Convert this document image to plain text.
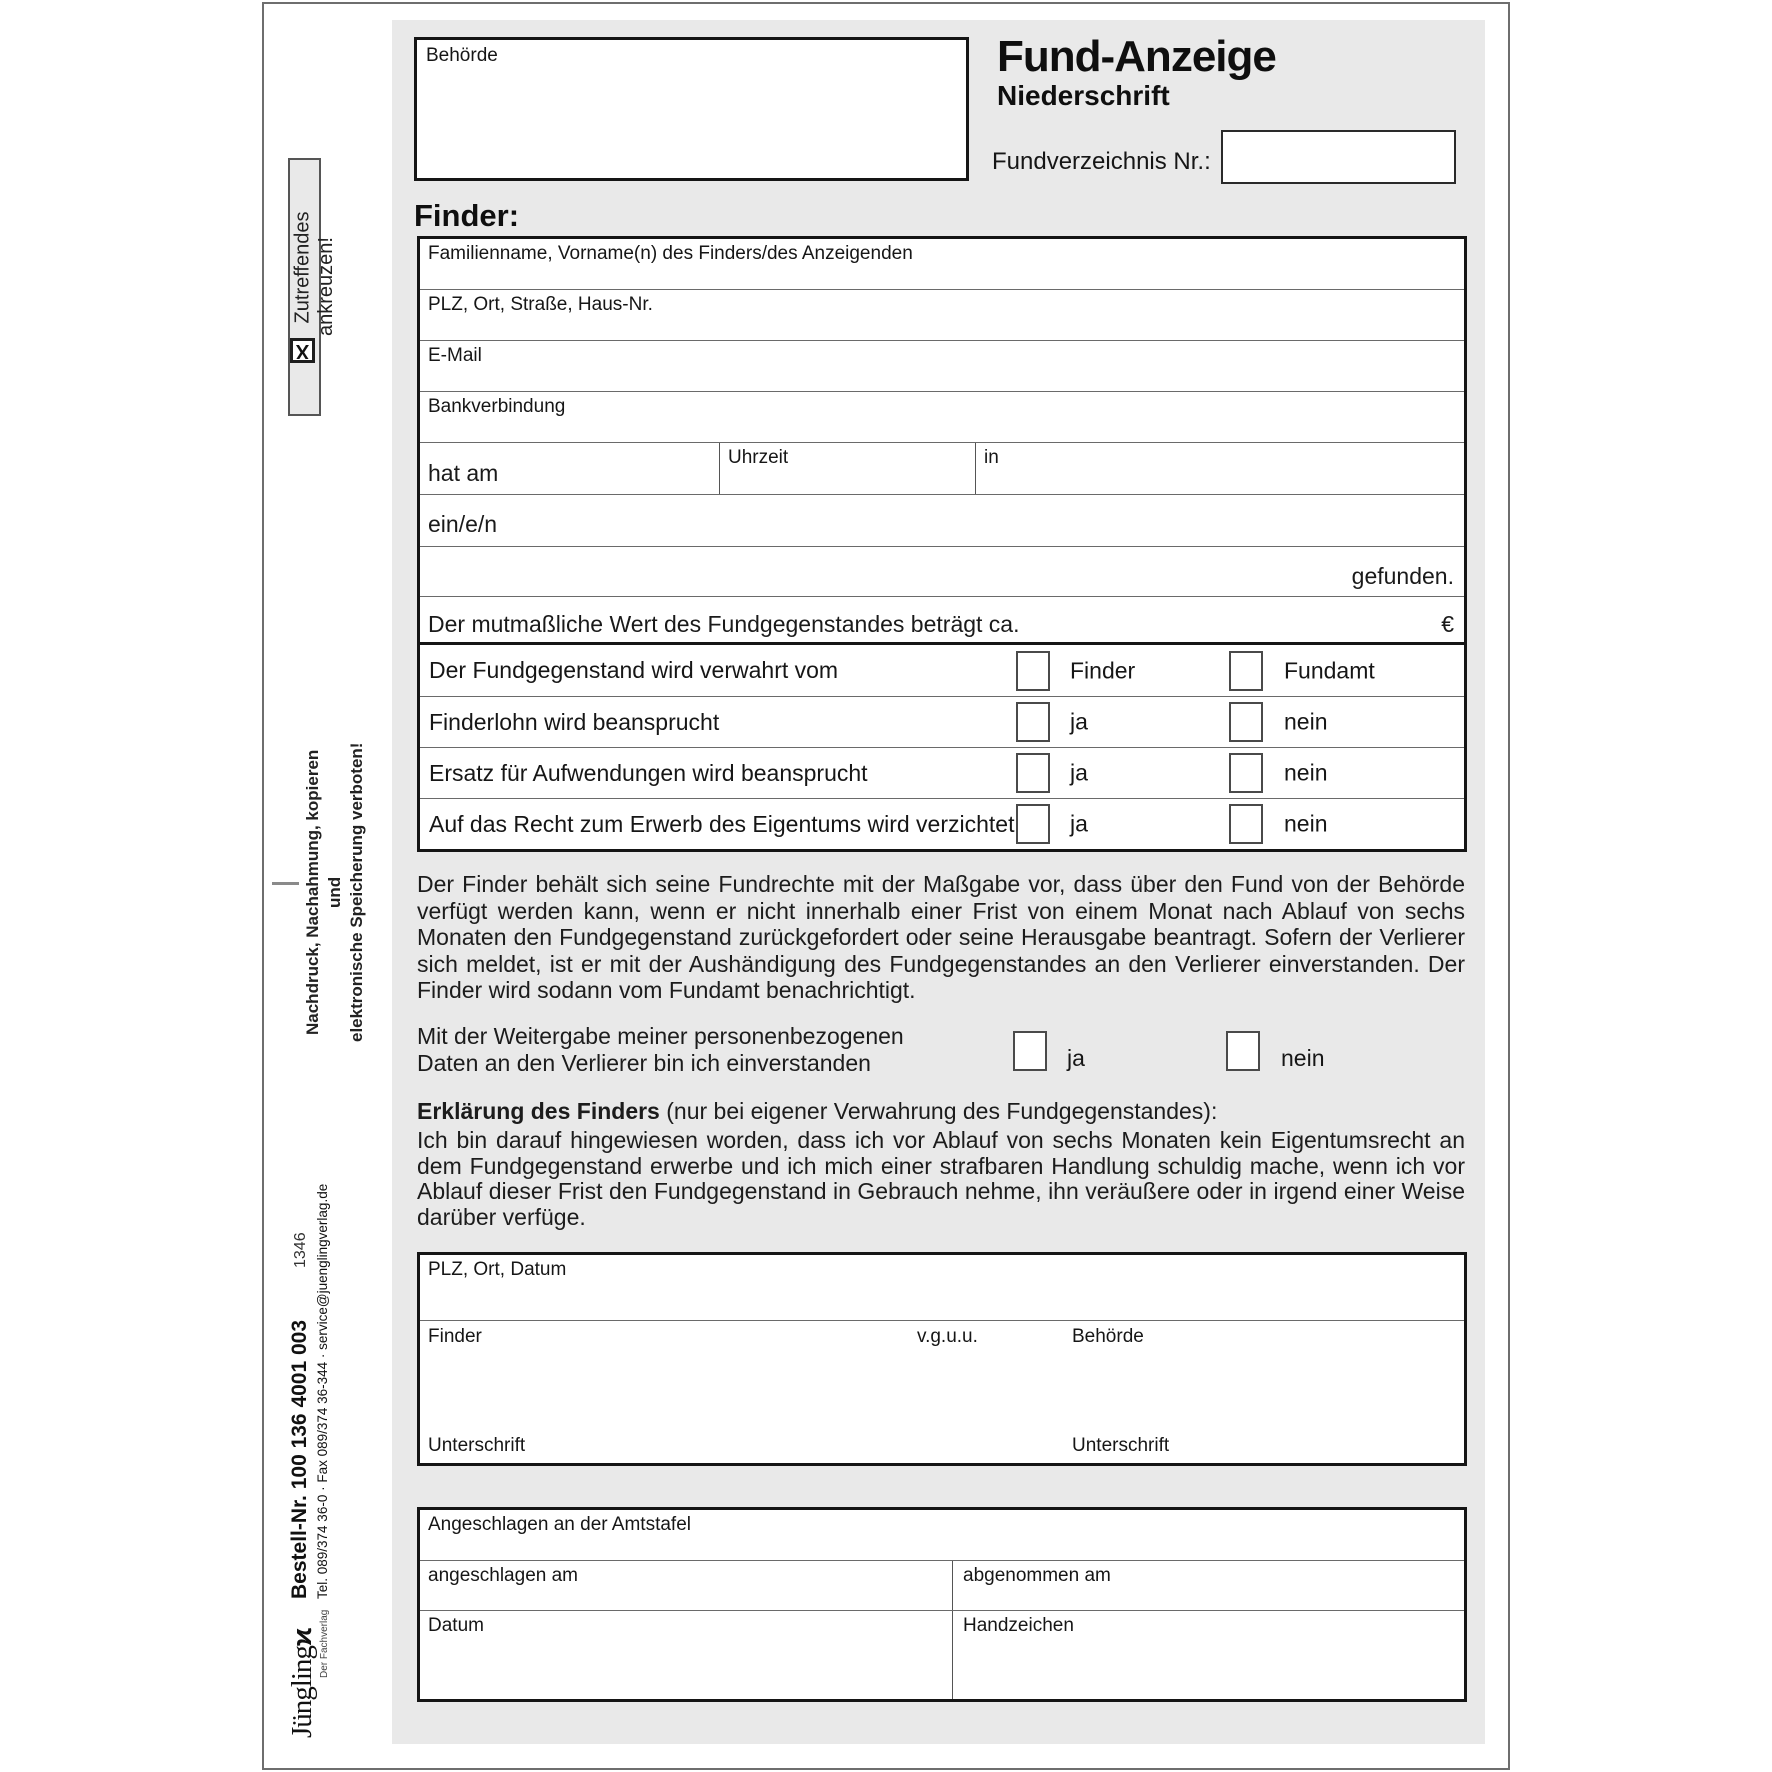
X
Zutreffendes ankreuzen!
Nachdruck, Nachahmung, kopieren und elektronische Speicherung verboten!
1346
Bestell-Nr. 100 136 4001 003 Tel. 089/374 36-0 · Fax 089/374 36-344 · service@juenglingverlag.de
Jünglingϰ Der Fachverlag
Behörde	Fund-Anzeige
Niederschrift
Fundverzeichnis Nr.:
Finder:
Familienname, Vorname(n) des Finders/des Anzeigenden
PLZ, Ort, Straße, Haus-Nr.
E-Mail
Bankverbindung
hat am
Uhrzeit	in
ein/e/n
gefunden.
Der mutmaßliche Wert des Fundgegenstandes beträgt ca.	€
Der Fundgegenstand wird verwahrt vom	Finder	Fundamt
Finderlohn wird beansprucht	ja	nein
Ersatz für Aufwendungen wird beansprucht	ja	nein
Auf das Recht zum Erwerb des Eigentums wird verzichtet ja	nein
Der Finder behält sich seine Fundrechte mit der Maßgabe vor, dass über den Fund von der Behörde verfügt werden kann, wenn er nicht innerhalb einer Frist von einem Monat nach Ablauf von sechs Monaten den Fundgegenstand zurückgefordert oder seine Herausgabe beantragt. Sofern der Verlierer sich meldet, ist er mit der Aushändigung des Fundgegenstandes an den Verlierer einverstanden. Der Finder wird sodann vom Fundamt benachrichtigt.
Mit der Weitergabe meiner personenbezogenen
Daten an den Verlierer bin ich einverstanden	ja	nein
Erklärung des Finders (nur bei eigener Verwahrung des Fundgegenstandes):
Ich bin darauf hingewiesen worden, dass ich vor Ablauf von sechs Monaten kein Eigentumsrecht an dem Fundgegenstand erwerbe und ich mich einer strafbaren Handlung schuldig mache, wenn ich vor Ablauf dieser Frist den Fundgegenstand in Gebrauch nehme, ihn veräußere oder in irgend einer Weise darüber verfüge.
PLZ, Ort, Datum
Finder	v.g.u.u.	Behörde
Unterschrift	Unterschrift
Angeschlagen an der Amtstafel
angeschlagen am	abgenommen am
Datum	Handzeichen
